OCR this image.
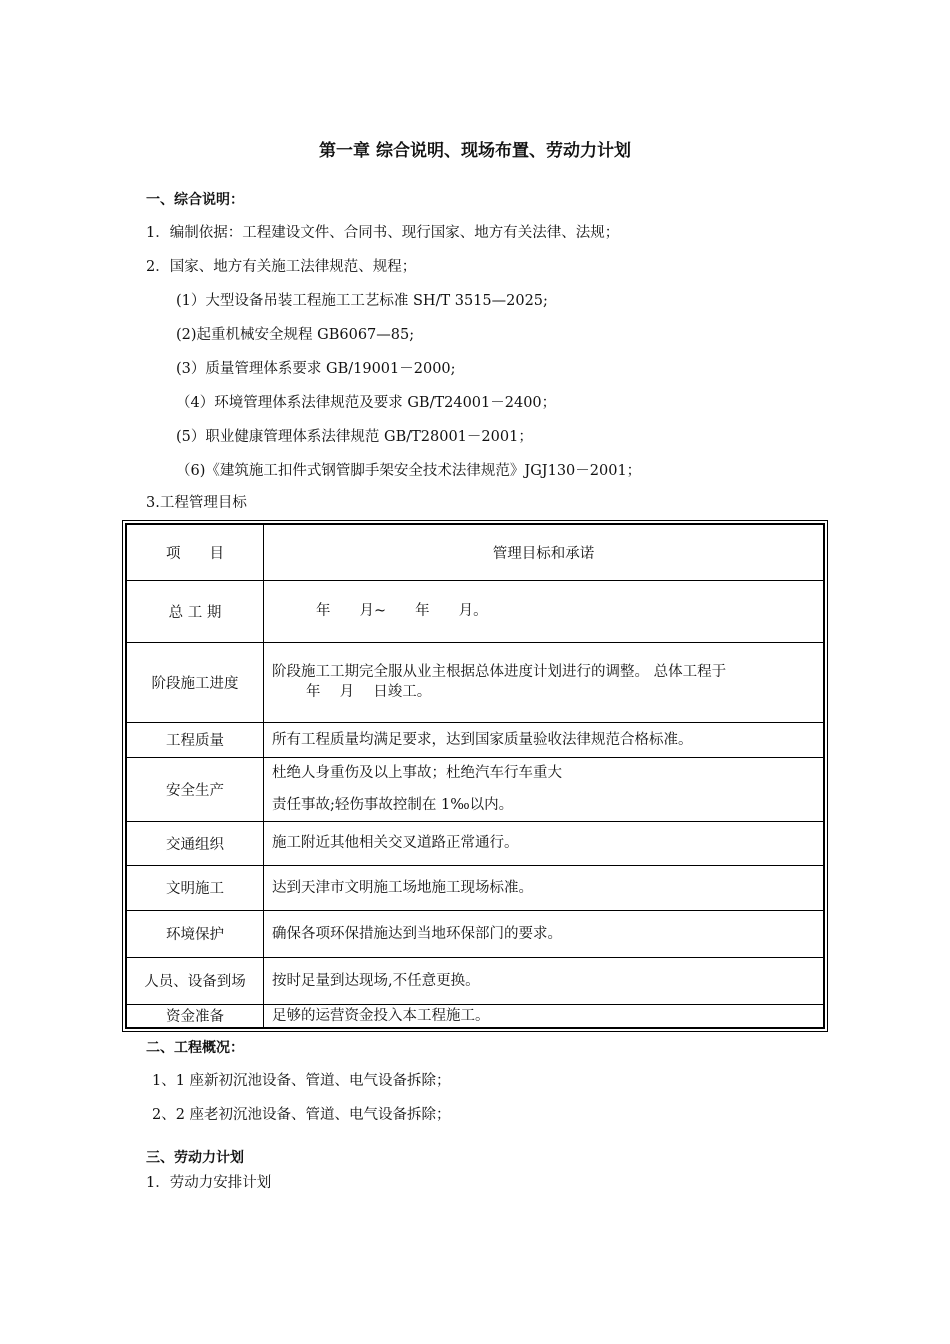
第一章 综合说明、现场布置、劳动力计划
一、综合说明：
1．编制依据：工程建设文件、合同书、现行国家、地方有关法律、法规；
2．国家、地方有关施工法律规范、规程；
(1）大型设备吊装工程施工工艺标准 SH/T 3515—2025;
(2)起重机械安全规程 GB6067—85;
(3）质量管理体系要求 GB/19001－2000;
（4）环境管理体系法律规范及要求 GB/T24001－2400；
(5）职业健康管理体系法律规范 GB/T28001－2001；
（6)《建筑施工扣件式钢管脚手架安全技术法律规范》JGJ130－2001；
3.工程管理目标
项　　目	管理目标和承诺
总 工 期	年　　月~　　年　　月。

阶段施工进度	阶段施工工期完全服从业主根据总体进度计划进行的调整。 总体工程于
年　 月　 日竣工。

工程质量	所有工程质量均满足要求，达到国家质量验收法律规范合格标准。

安全生产	杜绝人身重伤及以上事故；杜绝汽车行车重大
责任事故;轻伤事故控制在 1‰以内。

交通组织	施工附近其他相关交叉道路正常通行。

文明施工	达到天津市文明施工场地施工现场标准。

环境保护	确保各项环保措施达到当地环保部门的要求。

人员、设备到场	按时足量到达现场,不任意更换。

资金准备	足够的运营资金投入本工程施工。
二、工程概况：
1、1 座新初沉池设备、管道、电气设备拆除；
2、2 座老初沉池设备、管道、电气设备拆除；
三、劳动力计划
1．劳动力安排计划
